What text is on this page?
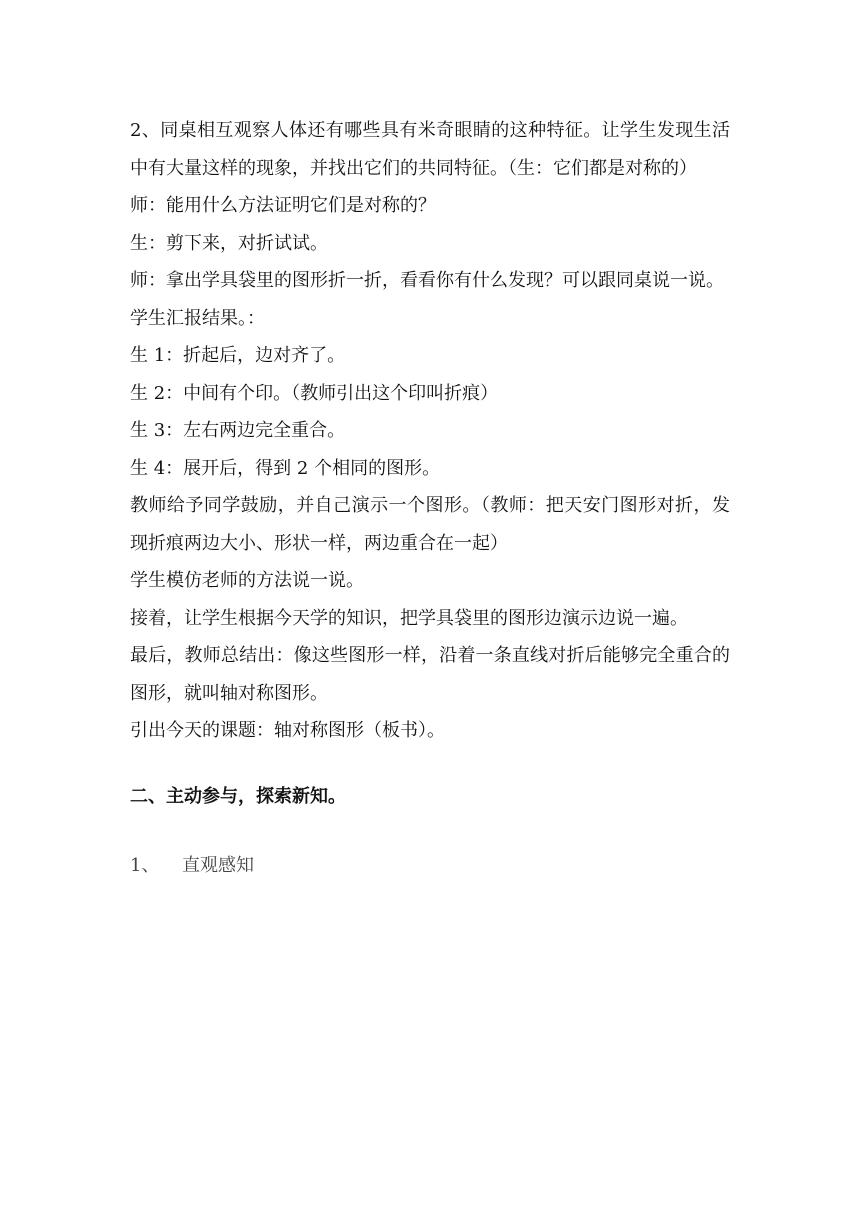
2、同桌相互观察人体还有哪些具有米奇眼睛的这种特征。让学生发现生活中有大量这样的现象，并找出它们的共同特征。（生：它们都是对称的）

师：能用什么方法证明它们是对称的？

生：剪下来，对折试试。

师：拿出学具袋里的图形折一折，看看你有什么发现？可以跟同桌说一说。

学生汇报结果。：

生 1：折起后，边对齐了。

生 2：中间有个印。（教师引出这个印叫折痕）

生 3：左右两边完全重合。

生 4：展开后，得到 2 个相同的图形。

教师给予同学鼓励，并自己演示一个图形。（教师：把天安门图形对折，发现折痕两边大小、形状一样，两边重合在一起）

学生模仿老师的方法说一说。

接着，让学生根据今天学的知识，把学具袋里的图形边演示边说一遍。

最后，教师总结出：像这些图形一样，沿着一条直线对折后能够完全重合的图形，就叫轴对称图形。

引出今天的课题：轴对称图形（板书）。

二、主动参与，探索新知。

1、 直观感知
